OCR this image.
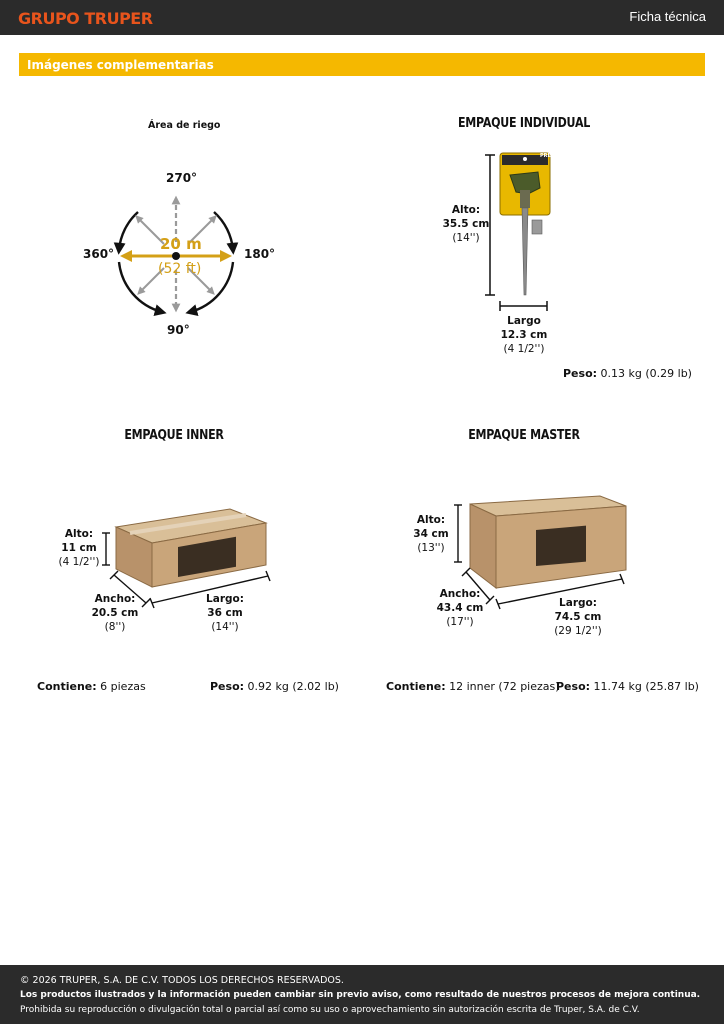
GRUPO TRUPER	Ficha técnica
Imágenes complementarias
Área de riego
270°
360°	180°
90°
20 m
(52 ft)
EMPAQUE INDIVIDUAL
PRETUL
Alto:
35.5 cm
(14'')
Largo
12.3 cm
(4 1/2'')
Peso: 0.13 kg (0.29 lb)
EMPAQUE INNER
Alto:
11 cm
(4 1/2'')
Ancho:
20.5 cm
(8'')
Largo:
36 cm
(14'')
Contiene: 6 piezas	Peso: 0.92 kg (2.02 lb)
EMPAQUE MASTER
Alto:
34 cm
(13'')
Ancho:
43.4 cm
(17'')
Largo:
74.5 cm
(29 1/2'')
Contiene: 12 inner (72 piezas)
Peso: 11.74 kg (25.87 lb)
© 2026 TRUPER, S.A. DE C.V. TODOS LOS DERECHOS RESERVADOS.
Los productos ilustrados y la información pueden cambiar sin previo aviso, como resultado de nuestros procesos de mejora continua.
Prohibida su reproducción o divulgación total o parcial así como su uso o aprovechamiento sin autorización escrita de Truper, S.A. de C.V.
